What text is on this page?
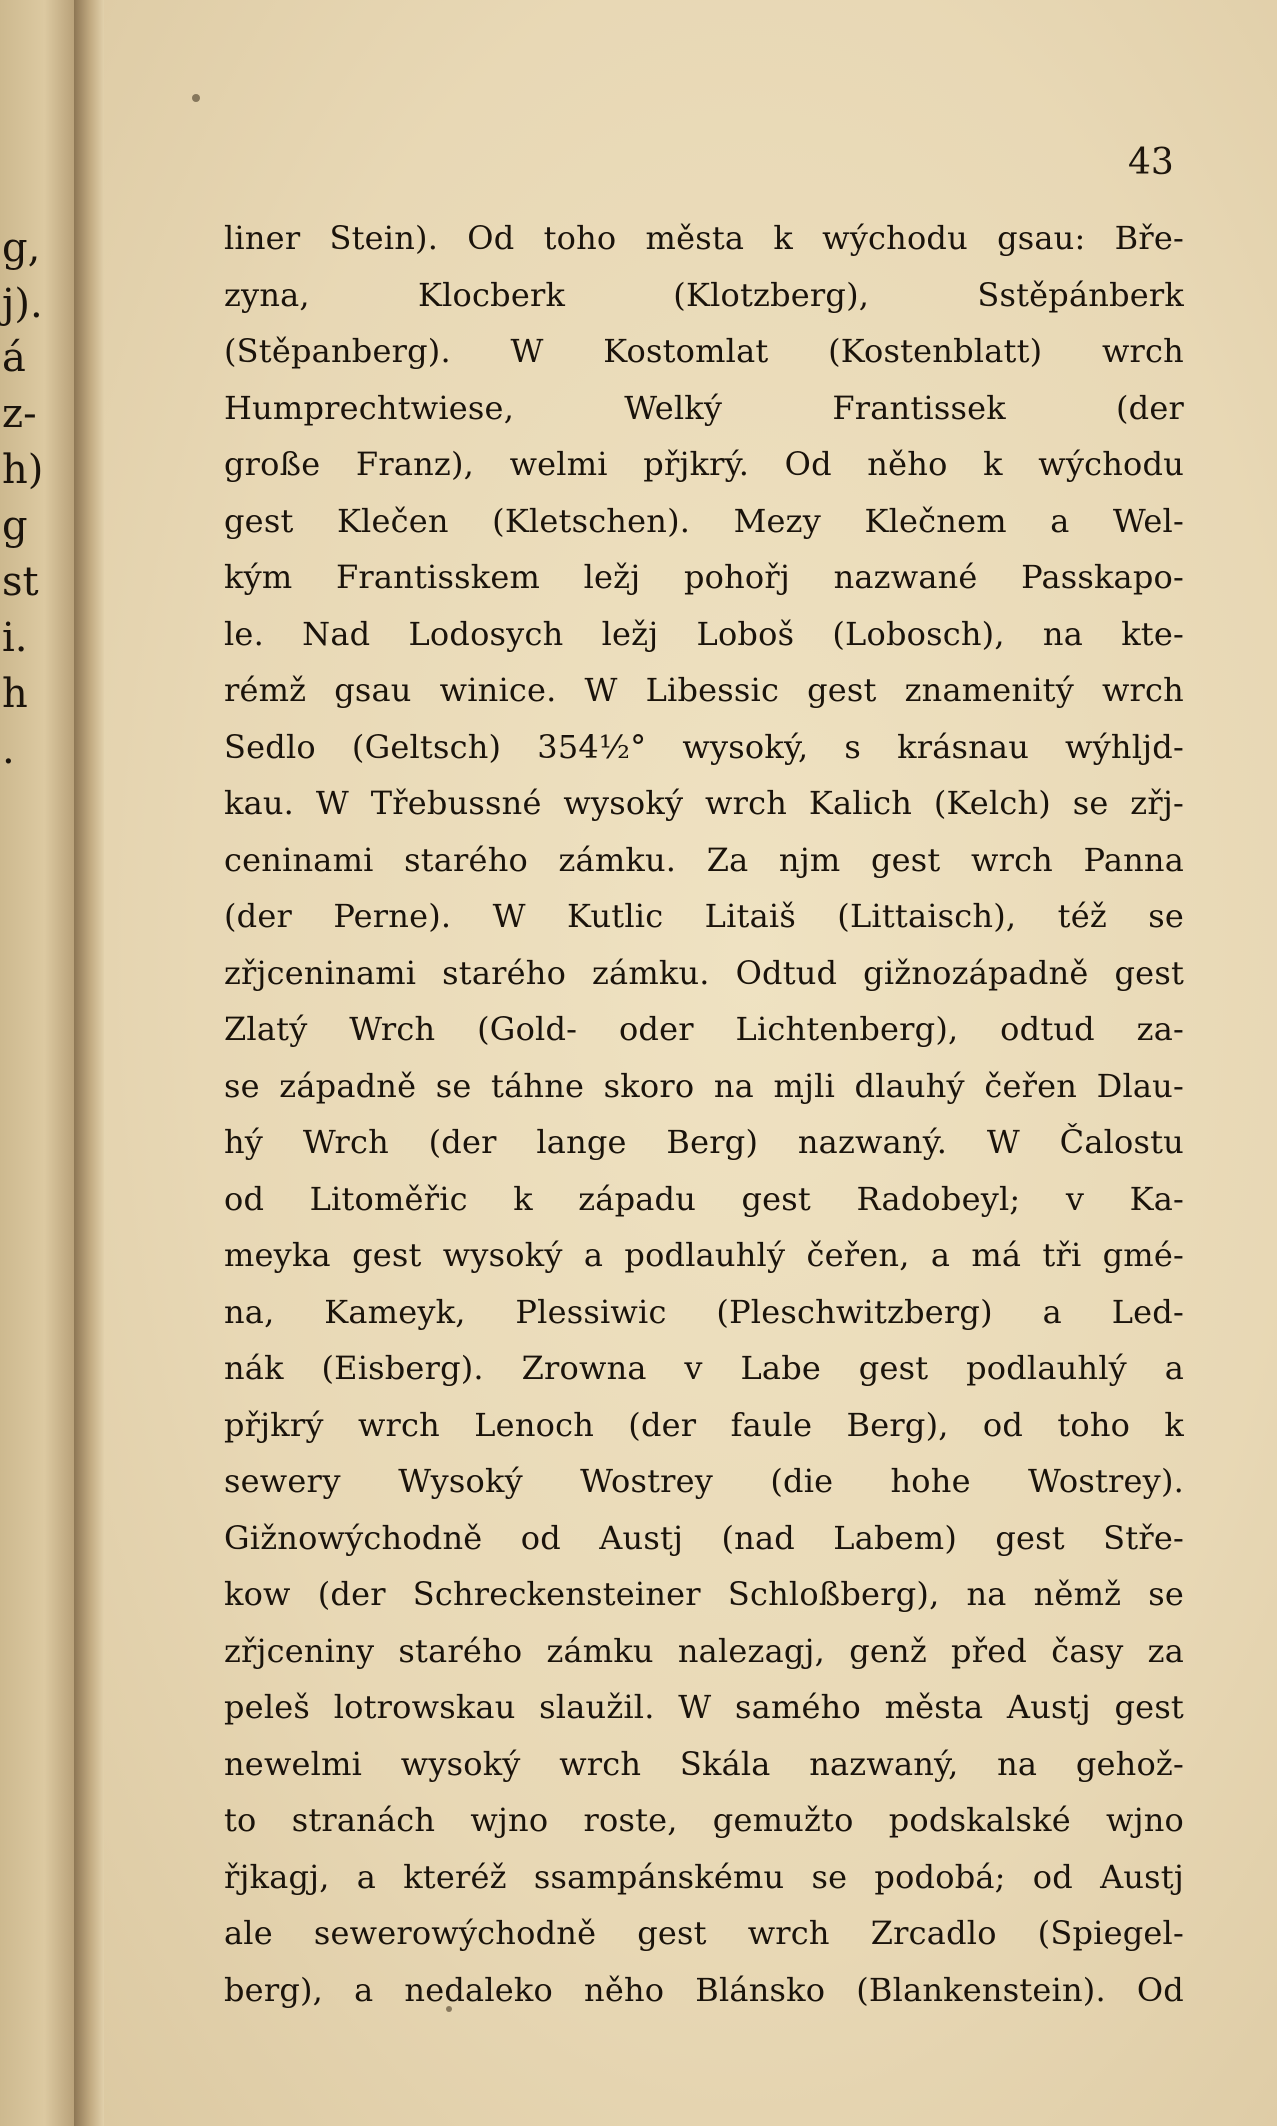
g,
j).
á
z-
h)
g
st
i.
h
.
43
liner Stein). Od toho města k wýchodu gsau: Bře-
zyna, Klocberk (Klotzberg), Sstěpánberk
(Stěpanberg). W Kostomlat (Kostenblatt) wrch
Humprechtwiese, Welký Frantissek (der
große Franz), welmi přjkrý. Od něho k wýchodu
gest Klečen (Kletschen). Mezy Klečnem a Wel-
kým Frantisskem ležj pohořj nazwané Passkapo-
le. Nad Lodosych ležj Loboš (Lobosch), na kte-
rémž gsau winice. W Libessic gest znamenitý wrch
Sedlo (Geltsch) 354½° wysoký, s krásnau wýhljd-
kau. W Třebussné wysoký wrch Kalich (Kelch) se zřj-
ceninami starého zámku. Za njm gest wrch Panna
(der Perne). W Kutlic Litaiš (Littaisch), též se
zřjceninami starého zámku. Odtud gižnozápadně gest
Zlatý Wrch (Gold- oder Lichtenberg), odtud za-
se západně se táhne skoro na mjli dlauhý čeřen Dlau-
hý Wrch (der lange Berg) nazwaný. W Čalostu
od Litoměřic k západu gest Radobeyl; v Ka-
meyka gest wysoký a podlauhlý čeřen, a má tři gmé-
na, Kameyk, Plessiwic (Pleschwitzberg) a Led-
nák (Eisberg). Zrowna v Labe gest podlauhlý a
přjkrý wrch Lenoch (der faule Berg), od toho k
sewerу Wysoký Wostrey (die hohe Wostrey).
Gižnowýchodně od Austj (nad Labem) gest Stře-
kow (der Schreckensteiner Schloßberg), na němž se
zřjceniny starého zámku nalezagj, genž před časy za
peleš lotrowskau slaužil. W samého města Austj gest
newelmi wysoký wrch Skála nazwaný, na gehož-
to stranách wjno roste, gemužto podskalské wjno
řjkagj, a kteréž ssampánskému se podobá; od Austj
ale sewerowýchodně gest wrch Zrcadlo (Spiegel-
berg), a nedaleko něho Blánsko (Blankenstein). Od
